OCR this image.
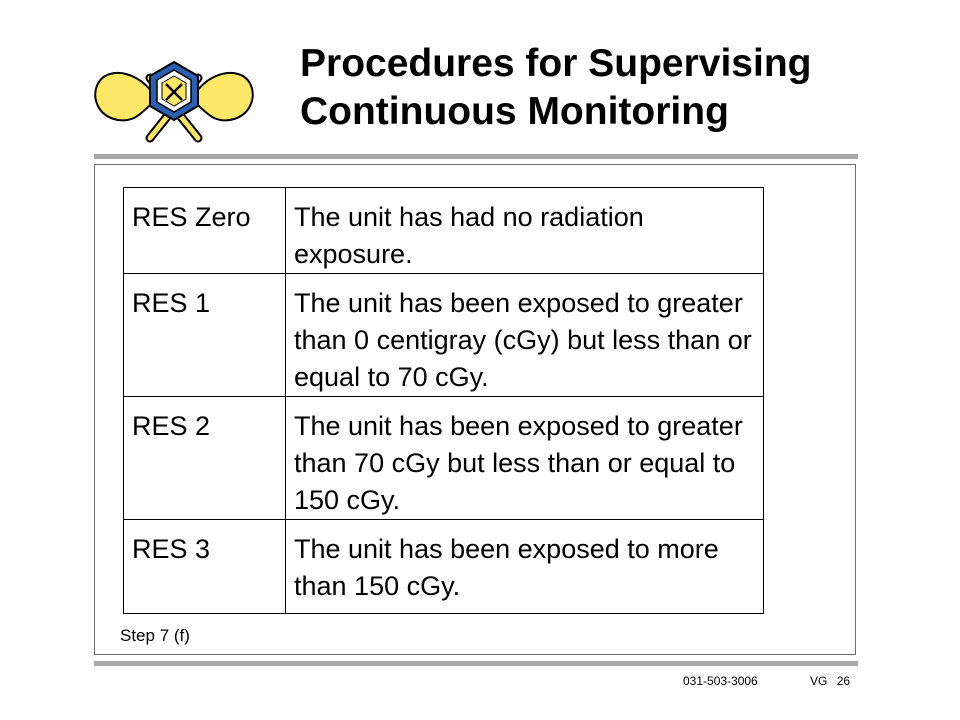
Procedures for Supervising
Continuous Monitoring
RES Zero	The unit has had no radiation exposure.
RES 1	The unit has been exposed to greater than 0 centigray (cGy) but less than or equal to 70 cGy.
RES 2	The unit has been exposed to greater than 70 cGy but less than or equal to 150 cGy.
RES 3	The unit has been exposed to more than 150 cGy.
Step 7 (f)
031-503-3006	VG 26
